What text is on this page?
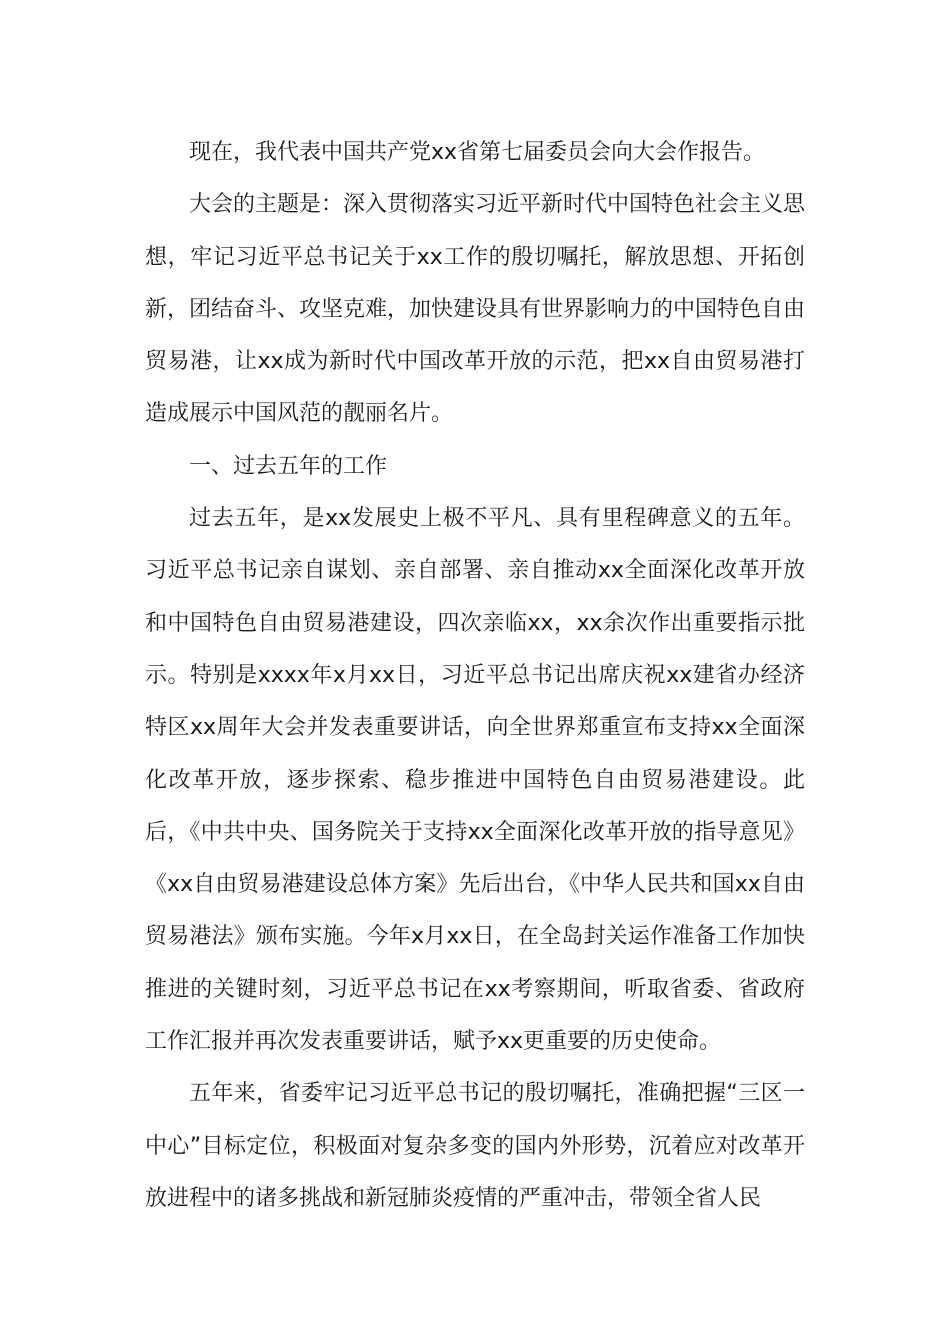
现在，我代表中国共产党xx省第七届委员会向大会作报告。

大会的主题是：深入贯彻落实习近平新时代中国特色社会主义思想，牢记习近平总书记关于xx工作的殷切嘱托，解放思想、开拓创新，团结奋斗、攻坚克难，加快建设具有世界影响力的中国特色自由贸易港，让xx成为新时代中国改革开放的示范，把xx自由贸易港打造成展示中国风范的靓丽名片。

一、过去五年的工作

过去五年，是xx发展史上极不平凡、具有里程碑意义的五年。习近平总书记亲自谋划、亲自部署、亲自推动xx全面深化改革开放和中国特色自由贸易港建设，四次亲临xx，xx余次作出重要指示批示。特别是xxxx年x月xx日，习近平总书记出席庆祝xx建省办经济特区xx周年大会并发表重要讲话，向全世界郑重宣布支持xx全面深化改革开放，逐步探索、稳步推进中国特色自由贸易港建设。此后，《中共中央、国务院关于支持xx全面深化改革开放的指导意见》《xx自由贸易港建设总体方案》先后出台，《中华人民共和国xx自由贸易港法》颁布实施。今年x月xx日，在全岛封关运作准备工作加快推进的关键时刻，习近平总书记在xx考察期间，听取省委、省政府工作汇报并再次发表重要讲话，赋予xx更重要的历史使命。

五年来，省委牢记习近平总书记的殷切嘱托，准确把握“三区一中心”目标定位，积极面对复杂多变的国内外形势，沉着应对改革开放进程中的诸多挑战和新冠肺炎疫情的严重冲击，带领全省人民
